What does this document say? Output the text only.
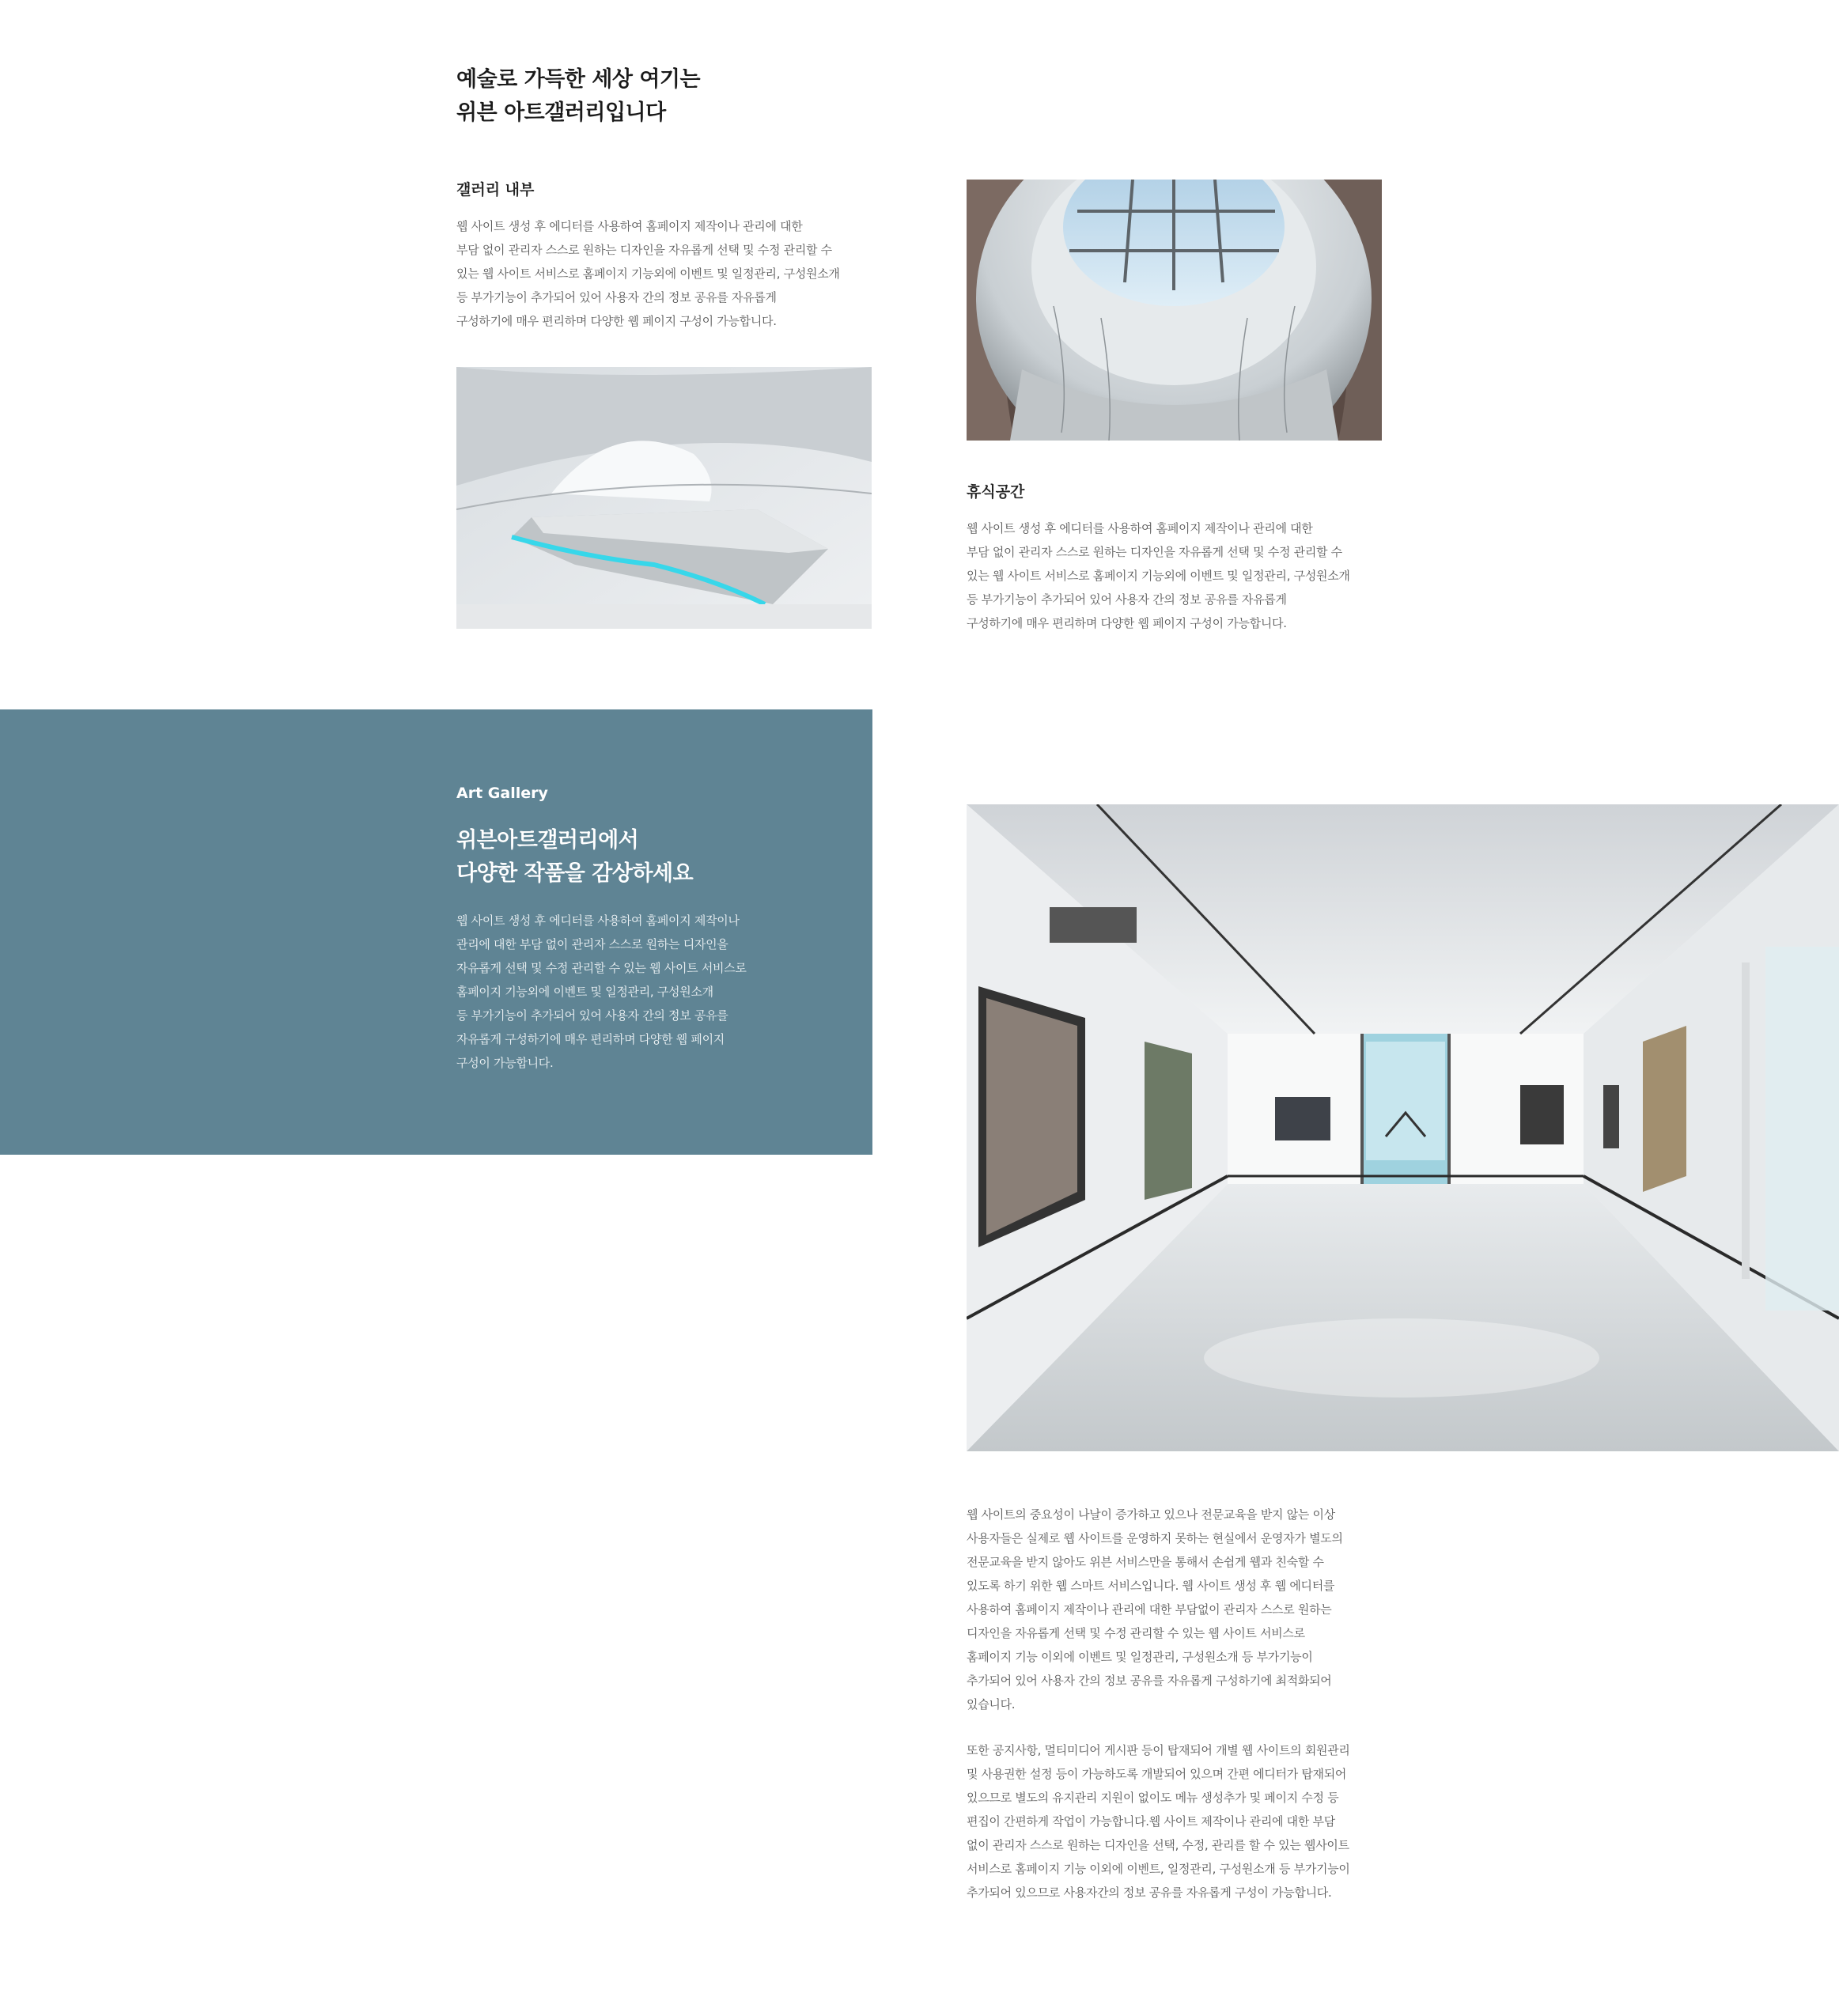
예술로 가득한 세상 여기는
위븐 아트갤러리입니다
갤러리 내부
웹 사이트 생성 후 에디터를 사용하여 홈페이지 제작이나 관리에 대한
부담 없이 관리자 스스로 원하는 디자인을 자유롭게 선택 및 수정 관리할 수
있는 웹 사이트 서비스로 홈페이지 기능외에 이벤트 및 일정관리, 구성원소개
등 부가기능이 추가되어 있어 사용자 간의 정보 공유를 자유롭게
구성하기에 매우 편리하며 다양한 웹 페이지 구성이 가능합니다.
휴식공간
웹 사이트 생성 후 에디터를 사용하여 홈페이지 제작이나 관리에 대한
부담 없이 관리자 스스로 원하는 디자인을 자유롭게 선택 및 수정 관리할 수
있는 웹 사이트 서비스로 홈페이지 기능외에 이벤트 및 일정관리, 구성원소개
등 부가기능이 추가되어 있어 사용자 간의 정보 공유를 자유롭게
구성하기에 매우 편리하며 다양한 웹 페이지 구성이 가능합니다.
Art Gallery
위븐아트갤러리에서
다양한 작품을 감상하세요
웹 사이트 생성 후 에디터를 사용하여 홈페이지 제작이나
관리에 대한 부담 없이 관리자 스스로 원하는 디자인을
자유롭게 선택 및 수정 관리할 수 있는 웹 사이트 서비스로
홈페이지 기능외에 이벤트 및 일정관리, 구성원소개
등 부가기능이 추가되어 있어 사용자 간의 정보 공유를
자유롭게 구성하기에 매우 편리하며 다양한 웹 페이지
구성이 가능합니다.
웹 사이트의 중요성이 나날이 증가하고 있으나 전문교육을 받지 않는 이상
사용자들은 실제로 웹 사이트를 운영하지 못하는 현실에서 운영자가 별도의
전문교육을 받지 않아도 위븐 서비스만을 통해서 손쉽게 웹과 친숙할 수
있도록 하기 위한 웹 스마트 서비스입니다. 웹 사이트 생성 후 웹 에디터를
사용하여 홈페이지 제작이나 관리에 대한 부담없이 관리자 스스로 원하는
디자인을 자유롭게 선택 및 수정 관리할 수 있는 웹 사이트 서비스로
홈페이지 기능 이외에 이벤트 및 일정관리, 구성원소개 등 부가기능이
추가되어 있어 사용자 간의 정보 공유를 자유롭게 구성하기에 최적화되어
있습니다.
또한 공지사항, 멀티미디어 게시판 등이 탑재되어 개별 웹 사이트의 회원관리
및 사용권한 설정 등이 가능하도록 개발되어 있으며 간편 에디터가 탑재되어
있으므로 별도의 유지관리 지원이 없이도 메뉴 생성추가 및 페이지 수정 등
편집이 간편하게 작업이 가능합니다.웹 사이트 제작이나 관리에 대한 부담
없이 관리자 스스로 원하는 디자인을 선택, 수정, 관리를 할 수 있는 웹사이트
서비스로 홈페이지 기능 이외에 이벤트, 일정관리, 구성원소개 등 부가기능이
추가되어 있으므로 사용자간의 정보 공유를 자유롭게 구성이 가능합니다.
